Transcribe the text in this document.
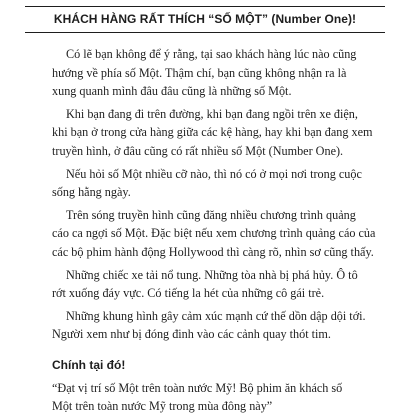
KHÁCH HÀNG RẤT THÍCH “SỐ MỘT” (Number One)!

Có lẽ bạn không để ý rằng, tại sao khách hàng lúc nào cũng
hướng về phía số Một. Thậm chí, bạn cũng không nhận ra là
xung quanh mình đâu đâu cũng là những số Một.

Khi bạn đang đi trên đường, khi bạn đang ngồi trên xe điện,
khi bạn ở trong cửa hàng giữa các kệ hàng, hay khi bạn đang xem
truyền hình, ở đâu cũng có rất nhiều số Một (Number One).

Nếu hỏi số Một nhiều cỡ nào, thì nó có ở mọi nơi trong cuộc
sống hằng ngày.

Trên sóng truyền hình cũng đăng nhiều chương trình quảng
cáo ca ngợi số Một. Đặc biệt nếu xem chương trình quảng cáo của
các bộ phim hành động Hollywood thì càng rõ, nhìn sơ cũng thấy.

Những chiếc xe tải nổ tung. Những tòa nhà bị phá hủy. Ô tô
rớt xuống đáy vực. Có tiếng la hét của những cô gái trẻ.

Những khung hình gây cảm xúc mạnh cứ thế dồn dập dội tới.
Người xem như bị đóng đinh vào các cảnh quay thót tim.

Chính tại đó!

“Đạt vị trí số Một trên toàn nước Mỹ! Bộ phim ăn khách số
Một trên toàn nước Mỹ trong mùa đông này”
